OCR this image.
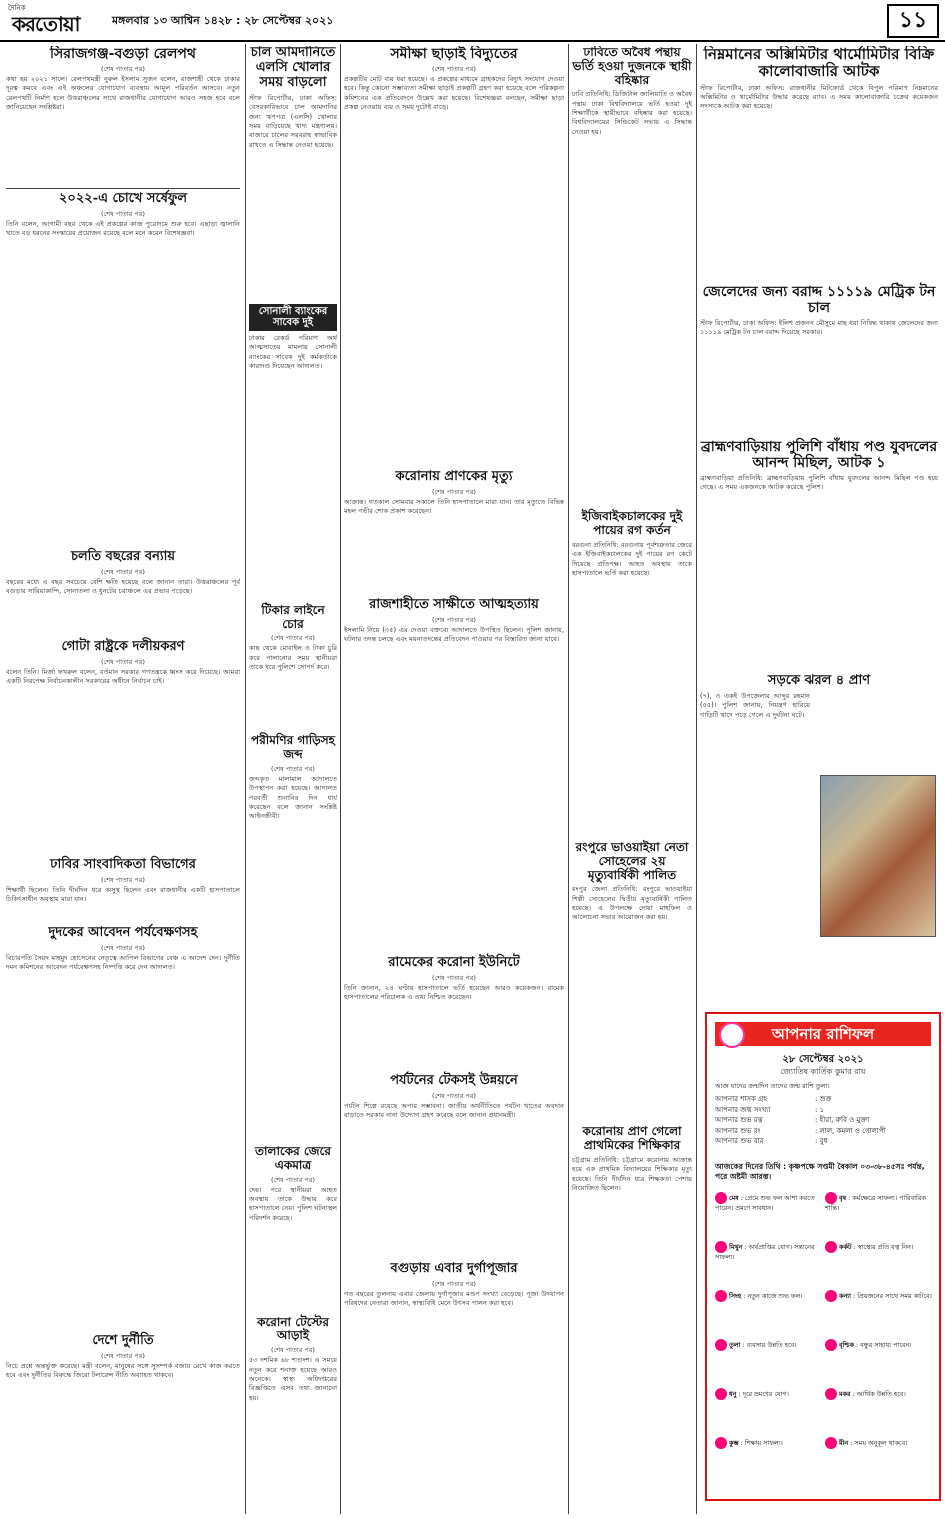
দৈনিক
করতোয়া	মঙ্গলবার ১৩ আশ্বিন ১৪২৮ : ২৮ সেপ্টেম্বর ২০২১	১১
সিরাজগঞ্জ-বগুড়া রেলপথ
(শেষ পাতার পর)
কথা হয় ২০২১ সালে। রেলপথমন্ত্রী নুরুল ইসলাম সুজন বলেন, রাজশাহী থেকে ঢাকার দূরত্ব কমবে এবং এই অঞ্চলের যোগাযোগ ব্যবস্থায় আমূল পরিবর্তন আসবে। নতুন রেলপথটি নির্মাণ হলে উত্তরাঞ্চলের সাথে রাজধানীর যোগাযোগ আরও সহজ হবে বলে জানিয়েছেন সংশ্লিষ্টরা।
২০২২-এ চোখে সর্ষেফুল
(শেষ পাতার পর)
তিনি বলেন, আগামী বছর থেকে এই প্রকল্পের কাজ পুরোদমে শুরু হবে। এছাড়া জ্বালানি খাতে বড় ধরনের সংস্কারের প্রয়োজন রয়েছে বলে মনে করেন বিশেষজ্ঞরা।
চলতি বছরের বন্যায়
(শেষ পাতার পর)
বছরের মধ্যে এ বছর সবচেয়ে বেশি ক্ষতি হয়েছে বলে জানান তারা। উত্তরাঞ্চলের পূর্ব বগুড়ার সারিয়াকান্দি, সোনাতলা ও ধুনটের চরাঞ্চলে এর প্রভাব পড়েছে।
গোটা রাষ্ট্রকে দলীয়করণ
(শেষ পাতার পর)
বলেন তিনি। মির্জা ফখরুল বলেন, বর্তমান সরকার গণতন্ত্রকে ধ্বংস করে দিয়েছে। আমরা একটি নিরপেক্ষ নির্বাচনকালীন সরকারের অধীনে নির্বাচন চাই।
ঢাবির সাংবাদিকতা বিভাগের
(শেষ পাতার পর)
শিক্ষার্থী ছিলেন। তিনি দীর্ঘদিন ধরে অসুস্থ ছিলেন এবং রাজধানীর একটি হাসপাতালে চিকিৎসাধীন অবস্থায় মারা যান।
দুদকের আবেদন পর্যবেক্ষণসহ
(শেষ পাতার পর)
বিচারপতি সৈয়দ মাহমুদ হোসেনের নেতৃত্বে আপিল বিভাগের বেঞ্চ এ আদেশ দেন। দুর্নীতি দমন কমিশনের আবেদন পর্যবেক্ষণসহ নিষ্পত্তি করে দেন আদালত।
দেশে দুর্নীতি
(শেষ পাতার পর)
নিচে প্রশ্নে অন্তর্ভুক্ত করেছে। মন্ত্রী বলেন, মানুষের সঙ্গে সুসম্পর্ক বজায় রেখে কাজ করতে হবে এবং দুর্নীতির বিরুদ্ধে জিরো টলারেন্স নীতি অব্যাহত থাকবে।
চাল আমদানিতে এলসি খোলার সময় বাড়লো
স্টাফ রিপোর্টার, ঢাকা অফিস: বেসরকারিভাবে চাল আমদানির জন্য ঋণপত্র (এলসি) খোলার সময় বাড়িয়েছে খাদ্য মন্ত্রণালয়। বাজারে চালের সরবরাহ স্বাভাবিক রাখতে এ সিদ্ধান্ত নেওয়া হয়েছে।
সোনালী ব্যাংকের সাবেক দুই
ঢাকার রেকর্ড পরিমাণ অর্থ আত্মসাতের মামলায় সোনালী ব্যাংকের সাবেক দুই কর্মকর্তাকে কারাদণ্ড দিয়েছেন আদালত।
টিকার লাইনে চোর
(শেষ পাতার পর)
কাছ থেকে মোবাইল ও টাকা চুরি করে পালানোর সময় স্থানীয়রা তাকে ধরে পুলিশে সোপর্দ করে।
পরীমণির গাড়িসহ জব্দ
(শেষ পাতার পর)
জব্দকৃত মালামাল আদালতে উপস্থাপন করা হয়েছে। আদালত পরবর্তী শুনানির দিন ধার্য করেছেন বলে জানান সংশ্লিষ্ট আইনজীবী।
তালাকের জেরে একমাত্র
(শেষ পাতার পর)
দেয়। পরে স্থানীয়রা আহত অবস্থায় তাকে উদ্ধার করে হাসপাতালে নেয়। পুলিশ ঘটনাস্থল পরিদর্শন করেছে।
করোনা টেস্টের আড়াই
(শেষ পাতার পর)
৫৩ দশমিক ৬৮ শতাংশ। এ সময়ে নতুন করে শনাক্ত হয়েছে আরও অনেকে। স্বাস্থ্য অধিদপ্তরের বিজ্ঞপ্তিতে এসব তথ্য জানানো হয়।
সমীক্ষা ছাড়াই বিদ্যুতের
(শেষ পাতার পর)
প্রকল্পটির মোট ব্যয় ধরা হয়েছে। এ প্রকল্পের মাধ্যমে গ্রাহকদের বিদ্যুৎ সংযোগ দেওয়া হবে। কিন্তু কোনো সম্ভাব্যতা সমীক্ষা ছাড়াই প্রকল্পটি গ্রহণ করা হয়েছে বলে পরিকল্পনা কমিশনের এক প্রতিবেদনে উল্লেখ করা হয়েছে। বিশেষজ্ঞরা বলছেন, সমীক্ষা ছাড়া প্রকল্প নেওয়ায় ব্যয় ও সময় দুটোই বাড়ে।
করোনায় প্রাণকের মৃত্যু
(শেষ পাতার পর)
আক্রান্ত। গতকাল সোমবার সকালে তিনি হাসপাতালে মারা যান। তার মৃত্যুতে বিভিন্ন মহল গভীর শোক প্রকাশ করেছেন।
রাজশাহীতে সাক্ষীতে আত্মহত্যায়
(শেষ পাতার পর)
ইসলামি নিয়ে (৩৫) এর দেওয়া বক্তব্যে আদালতে উপস্থিত ছিলেন। পুলিশ জানায়, ঘটনার তদন্ত চলছে এবং ময়নাতদন্তের প্রতিবেদন পাওয়ার পর বিস্তারিত জানা যাবে।
রামেকের করোনা ইউনিটে
(শেষ পাতার পর)
তিনি জানান, ২৪ ঘণ্টায় হাসপাতালে ভর্তি হয়েছেন আরও কয়েকজন। রামেক হাসপাতালের পরিচালক এ তথ্য নিশ্চিত করেছেন।
পর্যটনের টেকসই উন্নয়নে
(শেষ পাতার পর)
পর্যটন শিল্পে রয়েছে অপার সম্ভাবনা। জাতীয় অর্থনীতিতে পর্যটন খাতের অবদান বাড়াতে সরকার নানা উদ্যোগ গ্রহণ করেছে বলে জানান প্রধানমন্ত্রী।
বগুড়ায় এবার দুর্গাপূজার
(শেষ পাতার পর)
গত বছরের তুলনায় এবার জেলায় দুর্গাপূজার মণ্ডপ সংখ্যা বেড়েছে। পূজা উদযাপন পরিষদের নেতারা জানান, স্বাস্থ্যবিধি মেনে উৎসব পালন করা হবে।
ঢাবিতে অবৈধ পন্থায় ভর্তি হওয়া দুজনকে স্থায়ী বহিষ্কার
ঢাবি প্রতিনিধি: ডিজিটাল জালিয়াতি ও অবৈধ পন্থায় ঢাকা বিশ্ববিদ্যালয়ে ভর্তি হওয়া দুই শিক্ষার্থীকে স্থায়ীভাবে বহিষ্কার করা হয়েছে। বিশ্ববিদ্যালয়ের সিন্ডিকেট সভায় এ সিদ্ধান্ত নেওয়া হয়।
ইজিবাইকচালকের দুই পায়ের রগ কর্তন
বরগুনা প্রতিনিধি: বরগুনায় পূর্বশত্রুতার জেরে এক ইজিবাইকচালকের দুই পায়ের রগ কেটে দিয়েছে প্রতিপক্ষ। আহত অবস্থায় তাকে হাসপাতালে ভর্তি করা হয়েছে।
রংপুরে ভাওয়াইয়া নেতা সোহেলের ২য় মৃত্যুবার্ষিকী পালিত
রংপুর জেলা প্রতিনিধি: রংপুরে ভাওয়াইয়া শিল্পী সোহেলের দ্বিতীয় মৃত্যুবার্ষিকী পালিত হয়েছে। এ উপলক্ষে দোয়া মাহফিল ও আলোচনা সভার আয়োজন করা হয়।
করোনায় প্রাণ গেলো প্রাথমিকের শিক্ষিকার
চট্টগ্রাম প্রতিনিধি: চট্টগ্রামে করোনায় আক্রান্ত হয়ে এক প্রাথমিক বিদ্যালয়ের শিক্ষিকার মৃত্যু হয়েছে। তিনি দীর্ঘদিন ধরে শিক্ষকতা পেশায় নিয়োজিত ছিলেন।
নিম্নমানের অক্সিমিটার থার্মোমিটার বিক্রি কালোবাজারি আটক
স্টাফ রিপোর্টার, ঢাকা অফিস: রাজধানীর মিটফোর্ড থেকে বিপুল পরিমাণ নিম্নমানের অক্সিমিটার ও থার্মোমিটার উদ্ধার করেছে র‌্যাব। এ সময় কালোবাজারি চক্রের কয়েকজন সদস্যকে আটক করা হয়েছে।
জেলেদের জন্য বরাদ্দ ১১১১৯ মেট্রিক টন চাল
স্টাফ রিপোর্টার, ঢাকা অফিস: ইলিশ প্রজনন মৌসুমে মাছ ধরা নিষিদ্ধ থাকায় জেলেদের জন্য ১১১১৯ মেট্রিক টন চাল বরাদ্দ দিয়েছে সরকার।
ব্রাহ্মণবাড়িয়ায় পুলিশি বাঁধায় পণ্ড যুবদলের আনন্দ মিছিল, আটক ১
ব্রাহ্মণবাড়িয়া প্রতিনিধি: ব্রাহ্মণবাড়িয়ায় পুলিশি বাঁধায় যুবদলের আনন্দ মিছিল পণ্ড হয়ে গেছে। এ সময় একজনকে আটক করেছে পুলিশ।
সড়কে ঝরল ৪ প্রাণ
(৭), ও একই উপজেলার আব্দুর রহমান (৫৫)। পুলিশ জানায়, নিয়ন্ত্রণ হারিয়ে গাড়িটি খাদে পড়ে গেলে এ দুর্ঘটনা ঘটে।
আপনার রাশিফল
২৮ সেপ্টেম্বর ২০২১
জ্যোতিষ কার্তিক কুমার রায়
আজ যাদের জন্মদিন তাদের জন্ম রাশি তুলা।
আপনার শাসক গ্রহ	: শুক্র
আপনার জন্ম সংখ্যা	: ১
আপনার শুভ রত্ন	: হীরা, রুবি ও মুক্তা
আপনার শুভ রং	: লাল, কমলা ও গোলাপী
আপনার শুভ বার	: বুধ
আজকের দিনের তিথি : কৃষ্ণপক্ষে সপ্তমী বৈকাল ০৩-৩৮-৪৫সঃ পর্যন্ত, পরে অষ্টমী আরম্ভ।
মেষ : প্রেমে শুভ ফল আশা করতে পারেন। ভ্রমণে সাবধান।
বৃষ : কর্মক্ষেত্রে সাফল্য। পারিবারিক শান্তি।
মিথুন : অর্থপ্রাপ্তির যোগ। সন্তানের সাফল্য।
কর্কট : স্বাস্থ্যের প্রতি যত্ন নিন।
সিংহ : নতুন কাজে শুভ ফল।	কন্যা : প্রিয়জনের সাথে সময় কাটবে।
তুলা : ব্যবসায় উন্নতি হবে।	বৃশ্চিক : বন্ধুর সাহায্য পাবেন।
ধনু : দূরে ভ্রমণের যোগ।	মকর : আর্থিক উন্নতি হবে।
কুম্ভ : শিক্ষায় সাফল্য।	মীন : সময় অনুকূল থাকবে।
